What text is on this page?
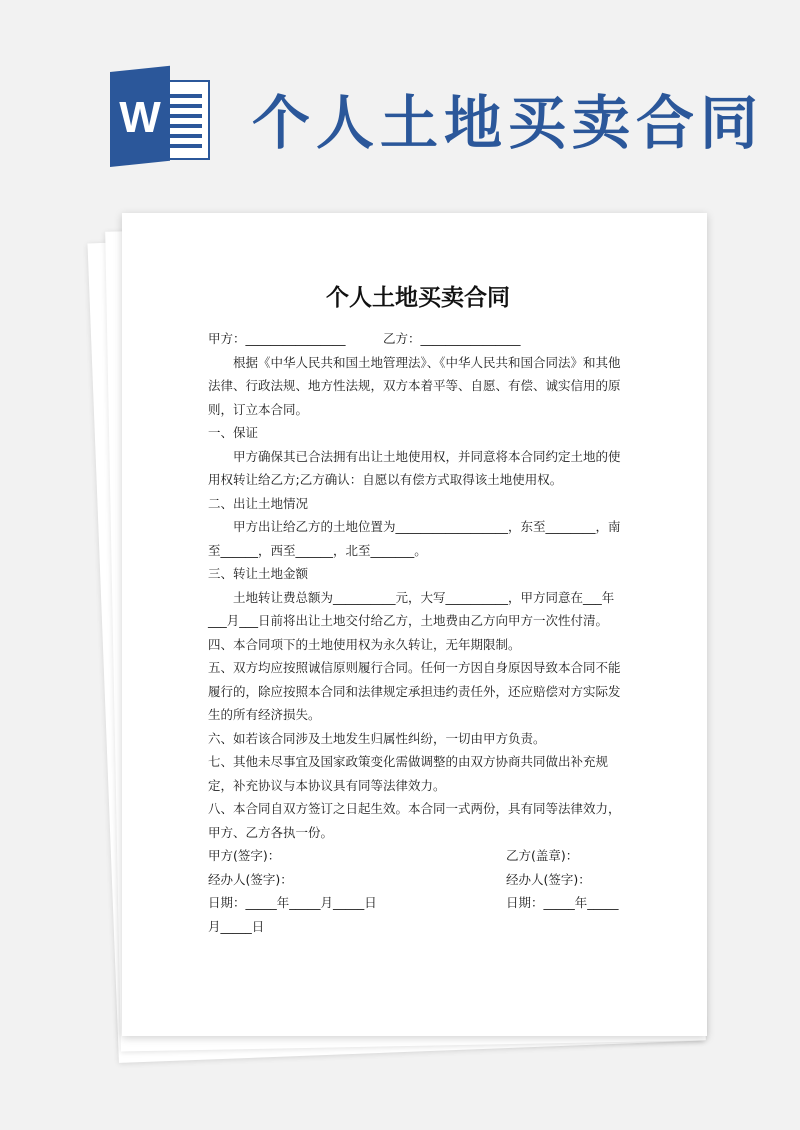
W 个人土地买卖合同
个人土地买卖合同

甲方：________________　　　乙方：________________

根据《中华人民共和国土地管理法》、《中华人民共和国合同法》和其他法律、行政法规、地方性法规，双方本着平等、自愿、有偿、诚实信用的原则，订立本合同。

一、保证

甲方确保其已合法拥有出让土地使用权，并同意将本合同约定土地的使用权转让给乙方;乙方确认：自愿以有偿方式取得该土地使用权。

二、出让土地情况

甲方出让给乙方的土地位置为__________________，东至________，南至______，西至______，北至_______。

三、转让土地金额

土地转让费总额为__________元，大写__________，甲方同意在___年___月___日前将出让土地交付给乙方，土地费由乙方向甲方一次性付清。

四、本合同项下的土地使用权为永久转让，无年期限制。

五、双方均应按照诚信原则履行合同。任何一方因自身原因导致本合同不能履行的，除应按照本合同和法律规定承担违约责任外，还应赔偿对方实际发生的所有经济损失。

六、如若该合同涉及土地发生归属性纠纷，一切由甲方负责。

七、其他未尽事宜及国家政策变化需做调整的由双方协商共同做出补充规定，补充协议与本协议具有同等法律效力。

八、本合同自双方签订之日起生效。本合同一式两份，具有同等法律效力，甲方、乙方各执一份。

甲方(签字)：	乙方(盖章)：
经办人(签字)：	经办人(签字)：
日期：_____年_____月_____日	日期：_____年_____
月_____日
